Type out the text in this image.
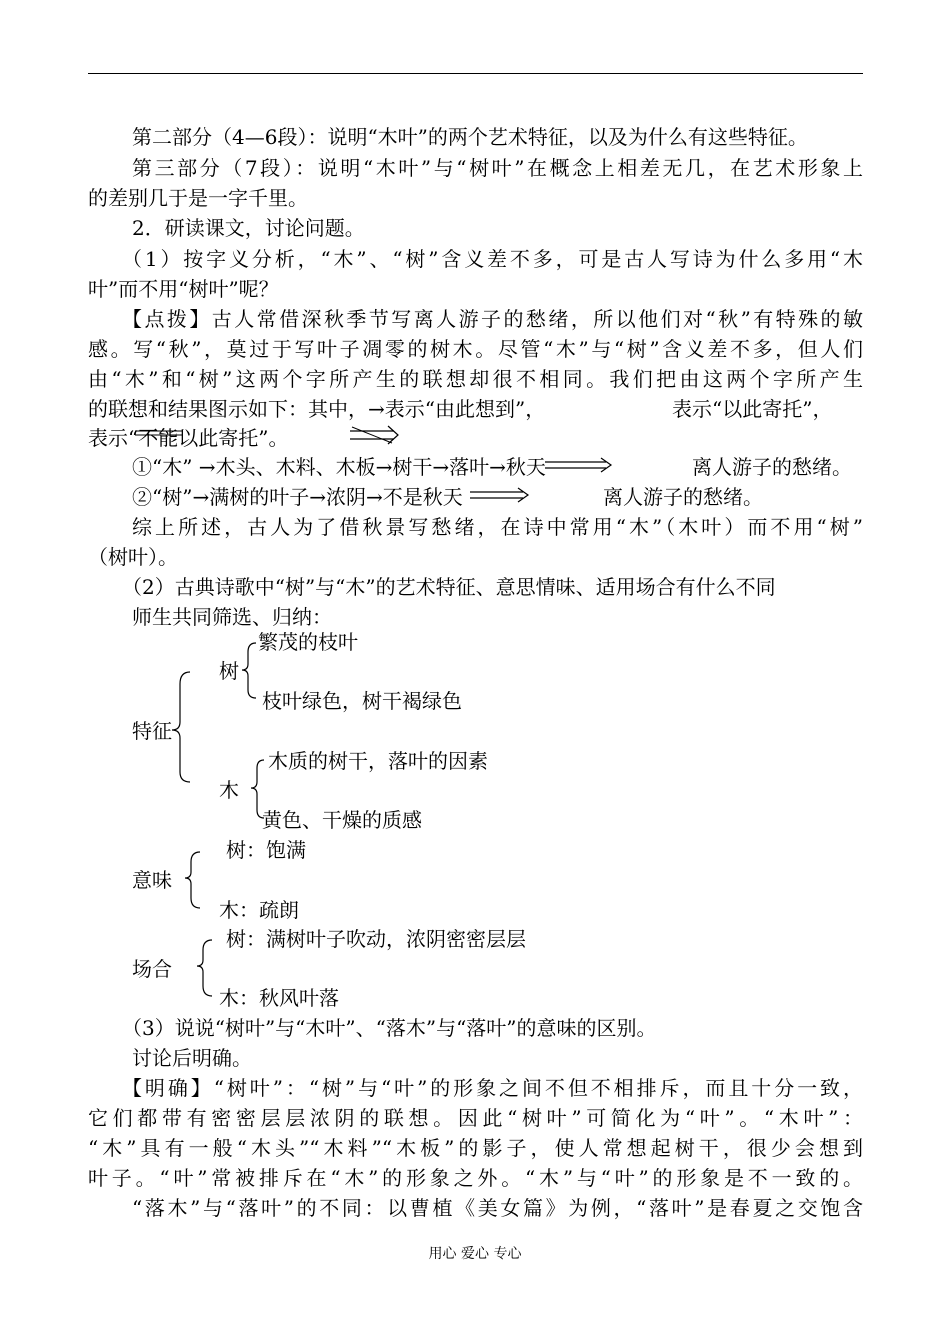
第二部分（4—6段）：说明“木叶”的两个艺术特征，以及为什么有这些特征。
第三部分（7段）：说明“木叶”与“树叶”在概念上相差无几，在艺术形象上
的差别几于是一字千里。
2．研读课文，讨论问题。
（1）按字义分析，“木”、“树”含义差不多，可是古人写诗为什么多用“木
叶”而不用“树叶”呢？
【点拨】古人常借深秋季节写离人游子的愁绪，所以他们对“秋”有特殊的敏
感。写“秋”，莫过于写叶子凋零的树木。尽管“木”与“树”含义差不多，但人们
由“木”和“树”这两个字所产生的联想却很不相同。我们把由这两个字所产生
的联想和结果图示如下：其中，→表示“由此想到”，	表示“以此寄托”，
表示“不能以此寄托”。
①“木” →木头、木料、木板→树干→落叶→秋天	离人游子的愁绪。
②“树”→满树的叶子→浓阴→不是秋天	离人游子的愁绪。
综上所述，古人为了借秋景写愁绪，在诗中常用“木”（木叶）而不用“树”
（树叶）。
（2）古典诗歌中“树”与“木”的艺术特征、意思情味、适用场合有什么不同
师生共同筛选、归纳：
繁茂的枝叶
树
枝叶绿色，树干褐绿色
特征
木质的树干，落叶的因素
木
黄色、干燥的质感
树：饱满
意味
木：疏朗
树：满树叶子吹动，浓阴密密层层
场合
木：秋风叶落
（3）说说“树叶”与“木叶”、“落木”与“落叶”的意味的区别。
讨论后明确。
【明确】“树叶”：“树”与“叶”的形象之间不但不相排斥，而且十分一致，
它们都带有密密层层浓阴的联想。因此“树叶”可简化为“叶”。“木叶”：
“木”具有一般“木头”“木料”“木板”的影子，使人常想起树干，很少会想到
叶子。“叶”常被排斥在“木”的形象之外。“木”与“叶”的形象是不一致的。
“落木”与“落叶”的不同：以曹植《美女篇》为例，“落叶”是春夏之交饱含
用心 爱心 专心
